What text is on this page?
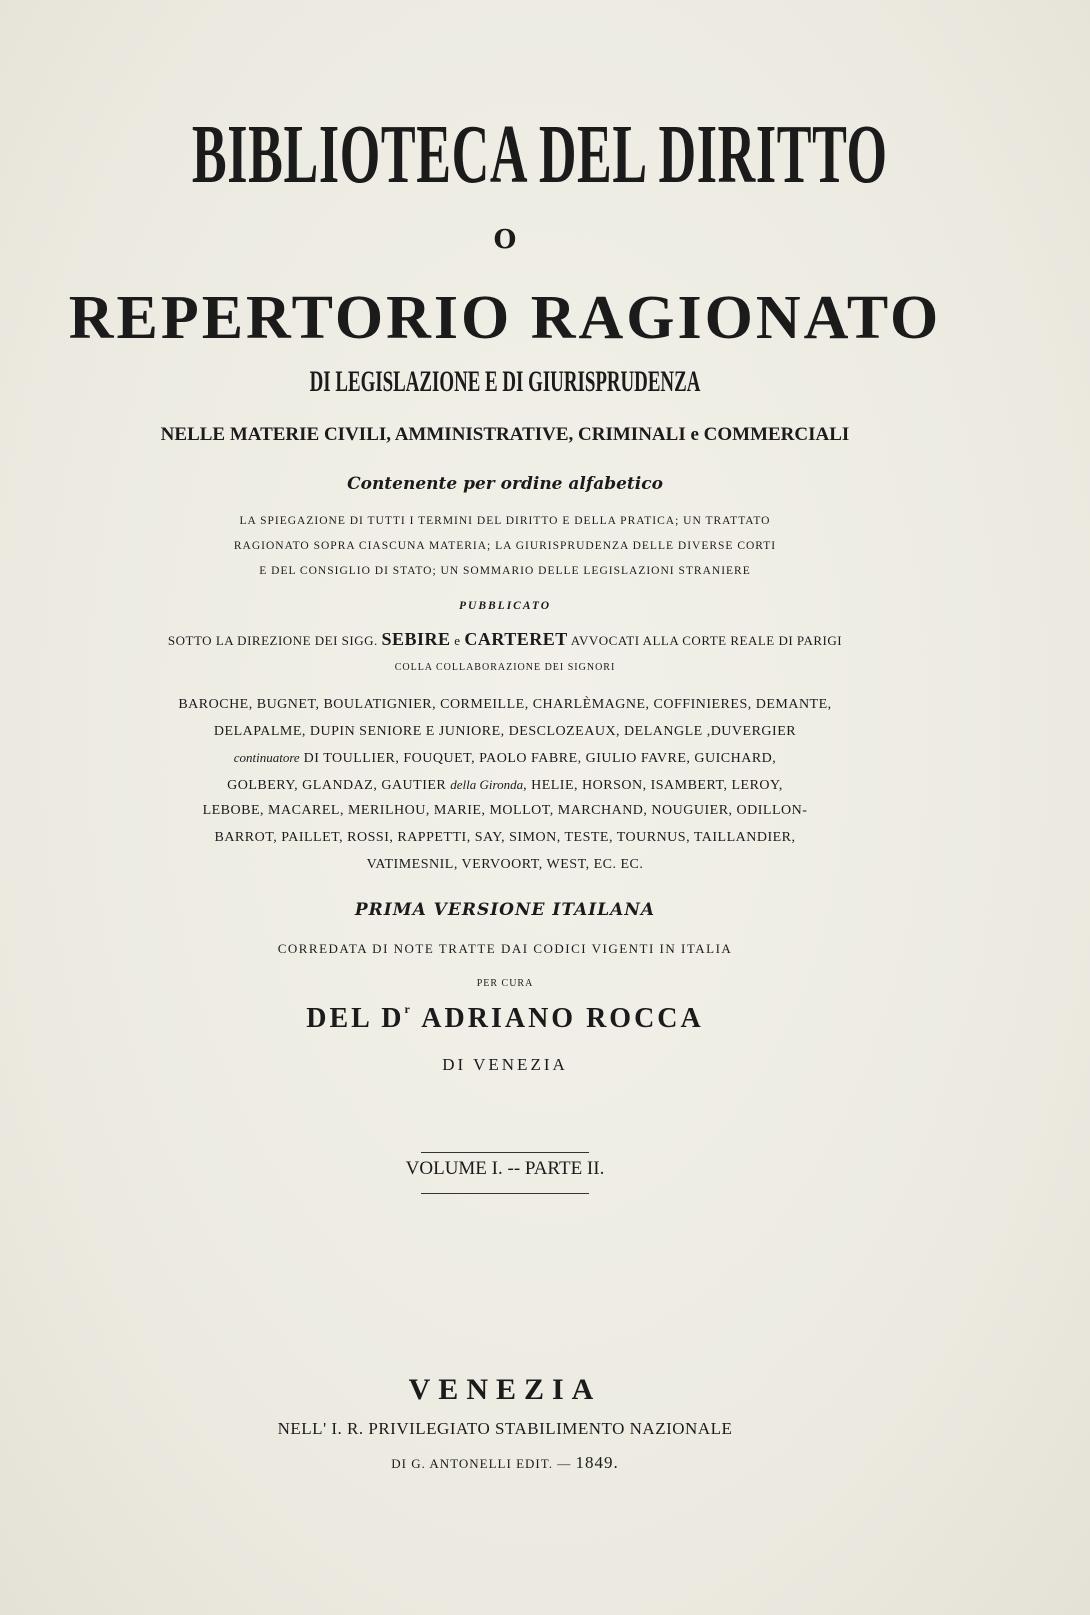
BIBLIOTECA DEL DIRITTO
O
REPERTORIO RAGIONATO
DI LEGISLAZIONE E DI GIURISPRUDENZA
NELLE MATERIE CIVILI, AMMINISTRATIVE, CRIMINALI e COMMERCIALI
Contenente per ordine alfabetico
LA SPIEGAZIONE DI TUTTI I TERMINI DEL DIRITTO E DELLA PRATICA; UN TRATTATO
RAGIONATO SOPRA CIASCUNA MATERIA; LA GIURISPRUDENZA DELLE DIVERSE CORTI
E DEL CONSIGLIO DI STATO; UN SOMMARIO DELLE LEGISLAZIONI STRANIERE
PUBBLICATO
SOTTO LA DIREZIONE DEI SIGG. SEBIRE e CARTERET AVVOCATI ALLA CORTE REALE DI PARIGI
COLLA COLLABORAZIONE DEI SIGNORI
BAROCHE, BUGNET, BOULATIGNIER, CORMEILLE, CHARLÈMAGNE, COFFINIERES, DEMANTE,
DELAPALME, DUPIN SENIORE E JUNIORE, DESCLOZEAUX, DELANGLE ,DUVERGIER
continuatore DI TOULLIER, FOUQUET, PAOLO FABRE, GIULIO FAVRE, GUICHARD,
GOLBERY, GLANDAZ, GAUTIER della Gironda, HELIE, HORSON, ISAMBERT, LEROY,
LEBOBE, MACAREL, MERILHOU, MARIE, MOLLOT, MARCHAND, NOUGUIER, ODILLON-
BARROT, PAILLET, ROSSI, RAPPETTI, SAY, SIMON, TESTE, TOURNUS, TAILLANDIER,
VATIMESNIL, VERVOORT, WEST, EC. EC.
PRIMA VERSIONE ITAILANA
CORREDATA DI NOTE TRATTE DAI CODICI VIGENTI IN ITALIA
PER CURA
DEL $D^r$ ADRIANO ROCCA
DI VENEZIA
VOLUME I. -- PARTE II.
VENEZIA
NELL' I. R. PRIVILEGIATO STABILIMENTO NAZIONALE
DI G. ANTONELLI EDIT. — 1849.
